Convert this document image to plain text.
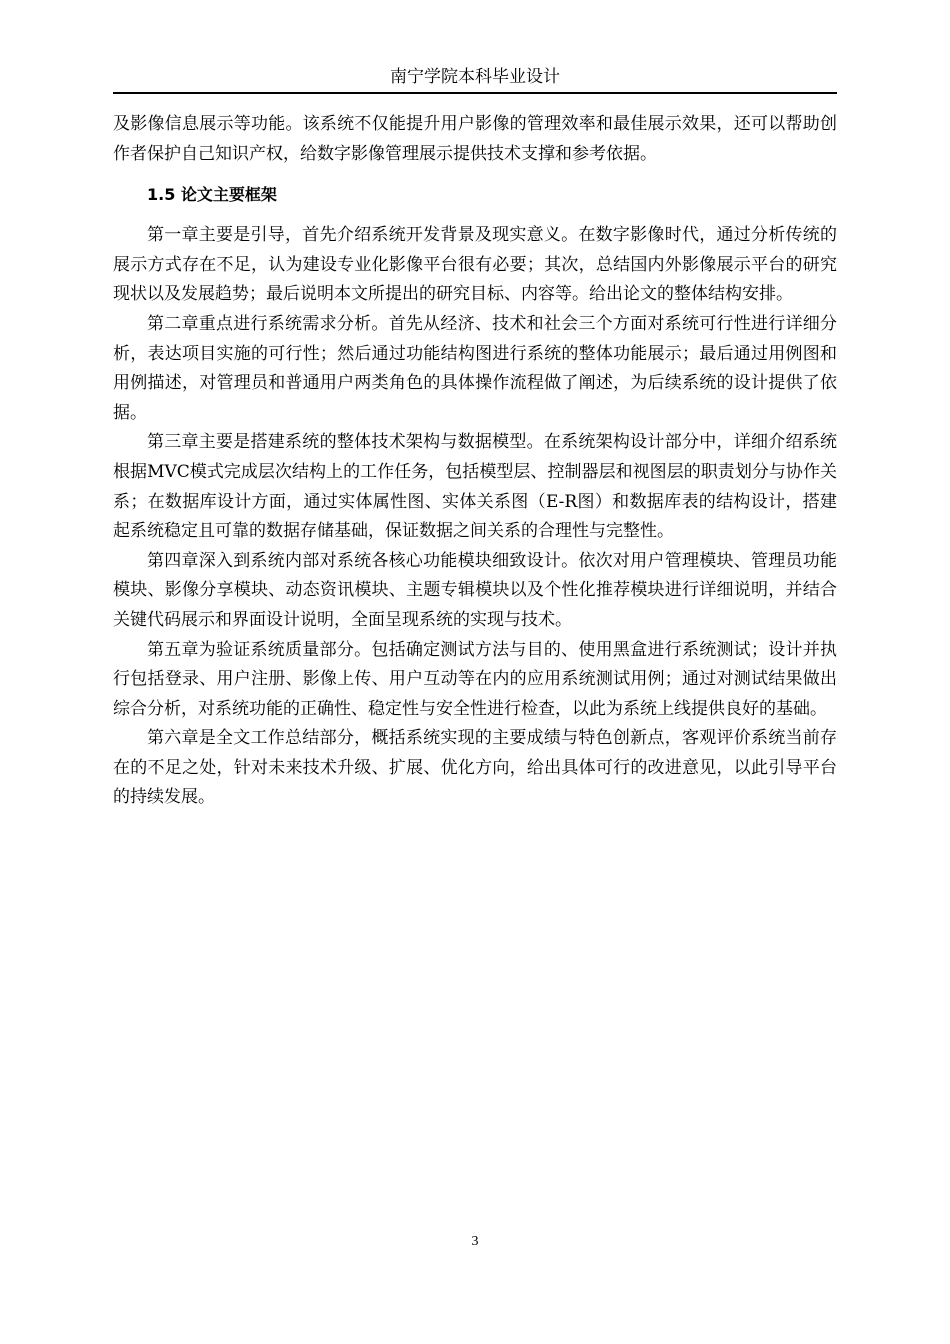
南宁学院本科毕业设计

及影像信息展示等功能。该系统不仅能提升用户影像的管理效率和最佳展示效果，还可以帮助创作者保护自己知识产权，给数字影像管理展示提供技术支撑和参考依据。

1.5 论文主要框架

第一章主要是引导，首先介绍系统开发背景及现实意义。在数字影像时代，通过分析传统的展示方式存在不足，认为建设专业化影像平台很有必要；其次，总结国内外影像展示平台的研究现状以及发展趋势；最后说明本文所提出的研究目标、内容等。给出论文的整体结构安排。

第二章重点进行系统需求分析。首先从经济、技术和社会三个方面对系统可行性进行详细分析，表达项目实施的可行性；然后通过功能结构图进行系统的整体功能展示；最后通过用例图和用例描述，对管理员和普通用户两类角色的具体操作流程做了阐述，为后续系统的设计提供了依据。

第三章主要是搭建系统的整体技术架构与数据模型。在系统架构设计部分中，详细介绍系统根据MVC模式完成层次结构上的工作任务，包括模型层、控制器层和视图层的职责划分与协作关系；在数据库设计方面，通过实体属性图、实体关系图（E-R图）和数据库表的结构设计，搭建起系统稳定且可靠的数据存储基础，保证数据之间关系的合理性与完整性。

第四章深入到系统内部对系统各核心功能模块细致设计。依次对用户管理模块、管理员功能模块、影像分享模块、动态资讯模块、主题专辑模块以及个性化推荐模块进行详细说明，并结合关键代码展示和界面设计说明，全面呈现系统的实现与技术。

第五章为验证系统质量部分。包括确定测试方法与目的、使用黑盒进行系统测试；设计并执行包括登录、用户注册、影像上传、用户互动等在内的应用系统测试用例；通过对测试结果做出综合分析，对系统功能的正确性、稳定性与安全性进行检查，以此为系统上线提供良好的基础。

第六章是全文工作总结部分，概括系统实现的主要成绩与特色创新点，客观评价系统当前存在的不足之处，针对未来技术升级、扩展、优化方向，给出具体可行的改进意见，以此引导平台的持续发展。

3
